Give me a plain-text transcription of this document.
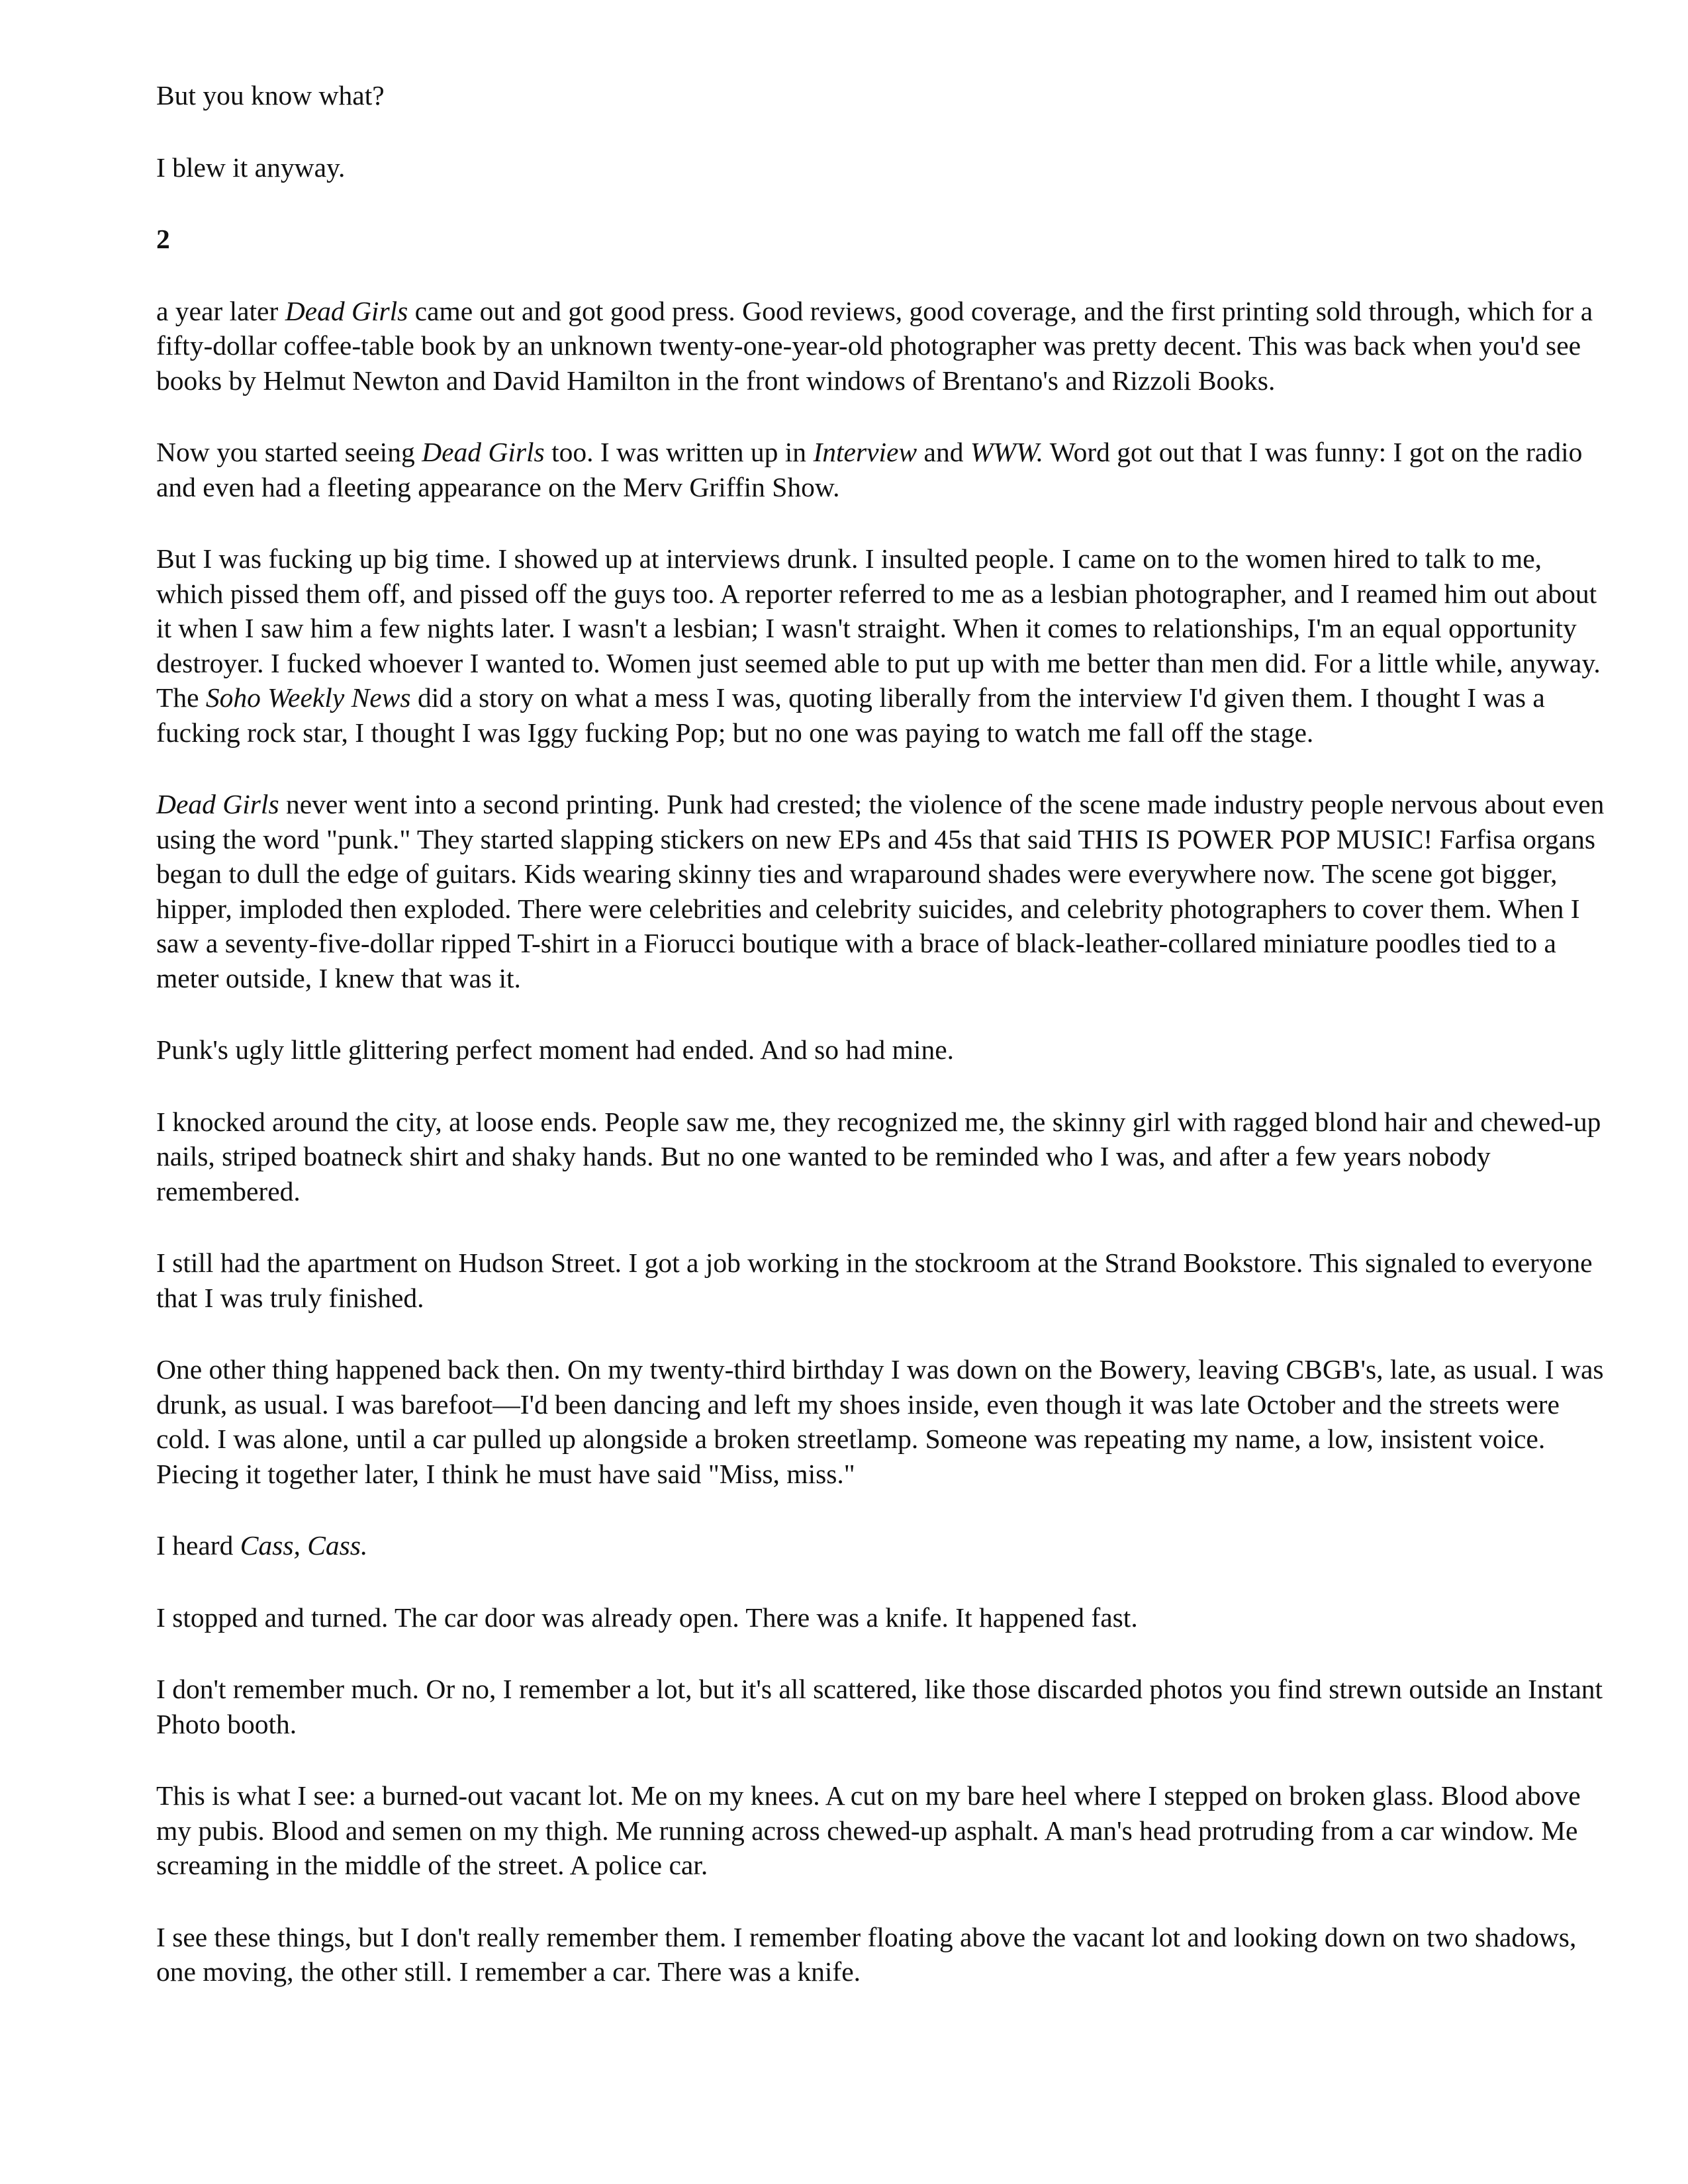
But you know what?

I blew it anyway.

2

a year later Dead Girls came out and got good press. Good reviews, good coverage, and the first printing sold through, which for a fifty-dollar coffee-table book by an unknown twenty-one-year-old photographer was pretty decent. This was back when you'd see books by Helmut Newton and David Hamilton in the front windows of Brentano's and Rizzoli Books.

Now you started seeing Dead Girls too. I was written up in Interview and WWW. Word got out that I was funny: I got on the radio and even had a fleeting appearance on the Merv Griffin Show.

But I was fucking up big time. I showed up at interviews drunk. I insulted people. I came on to the women hired to talk to me, which pissed them off, and pissed off the guys too. A reporter referred to me as a lesbian photographer, and I reamed him out about it when I saw him a few nights later. I wasn't a lesbian; I wasn't straight. When it comes to relationships, I'm an equal opportunity destroyer. I fucked whoever I wanted to. Women just seemed able to put up with me better than men did. For a little while, anyway. The Soho Weekly News did a story on what a mess I was, quoting liberally from the interview I'd given them. I thought I was a fucking rock star, I thought I was Iggy fucking Pop; but no one was paying to watch me fall off the stage.

Dead Girls never went into a second printing. Punk had crested; the violence of the scene made industry people nervous about even using the word "punk." They started slapping stickers on new EPs and 45s that said THIS IS POWER POP MUSIC! Farfisa organs began to dull the edge of guitars. Kids wearing skinny ties and wraparound shades were everywhere now. The scene got bigger, hipper, imploded then exploded. There were celebrities and celebrity suicides, and celebrity photographers to cover them. When I saw a seventy-five-dollar ripped T-shirt in a Fiorucci boutique with a brace of black-leather-collared miniature poodles tied to a meter outside, I knew that was it.

Punk's ugly little glittering perfect moment had ended. And so had mine.

I knocked around the city, at loose ends. People saw me, they recognized me, the skinny girl with ragged blond hair and chewed-up nails, striped boatneck shirt and shaky hands. But no one wanted to be reminded who I was, and after a few years nobody remembered.

I still had the apartment on Hudson Street. I got a job working in the stockroom at the Strand Bookstore. This signaled to everyone that I was truly finished.

One other thing happened back then. On my twenty-third birthday I was down on the Bowery, leaving CBGB's, late, as usual. I was drunk, as usual. I was barefoot—I'd been dancing and left my shoes inside, even though it was late October and the streets were cold. I was alone, until a car pulled up alongside a broken streetlamp. Someone was repeating my name, a low, insistent voice. Piecing it together later, I think he must have said "Miss, miss."

I heard Cass, Cass.

I stopped and turned. The car door was already open. There was a knife. It happened fast.

I don't remember much. Or no, I remember a lot, but it's all scattered, like those discarded photos you find strewn outside an Instant Photo booth.

This is what I see: a burned-out vacant lot. Me on my knees. A cut on my bare heel where I stepped on broken glass. Blood above my pubis. Blood and semen on my thigh. Me running across chewed-up asphalt. A man's head protruding from a car window. Me screaming in the middle of the street. A police car.

I see these things, but I don't really remember them. I remember floating above the vacant lot and looking down on two shadows, one moving, the other still. I remember a car. There was a knife.
